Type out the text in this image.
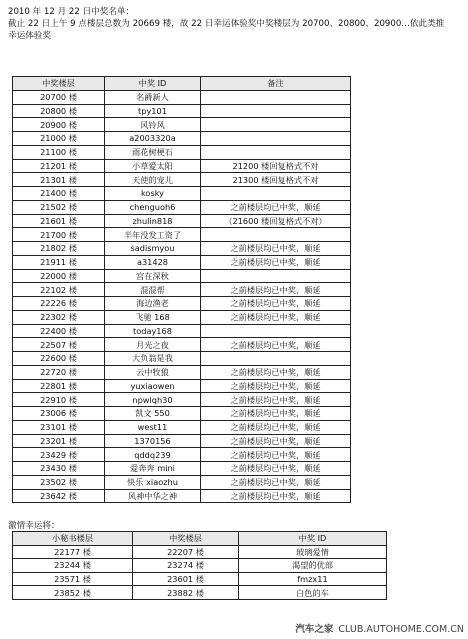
2010 年 12 月 22 日中奖名单：

截止 22 日上午 9 点楼层总数为 20669 楼，故 22 日幸运体验奖中奖楼层为 20700、20800、20900…依此类推

幸运体验奖

中奖楼层	中奖 ID	备注
20700 楼	名爵新人	
20800 楼	tpy101	
20900 楼	风铃风	
21000 楼	a2003320a	
21100 楼	雨花树梗石	
21201 楼	小草爱太阳	21200 楼回复格式不对
21301 楼	天使的宠儿	21300 楼回复格式不对
21400 楼	kosky	
21502 楼	chenguoh6	之前楼层均已中奖，顺延
21601 楼	zhulin818	（21600 楼回复格式不对）
21700 楼	半年没发工资了	
21802 楼	sadismyou	之前楼层均已中奖，顺延
21911 楼	a31428	之前楼层均已中奖，顺延
22000 楼	宫在深秋	
22102 楼	混混帮	之前楼层均已中奖，顺延
22226 楼	海边渔老	之前楼层均已中奖，顺延
22302 楼	飞驰 168	之前楼层均已中奖，顺延
22400 楼	today168	
22507 楼	月光之夜	之前楼层均已中奖，顺延
22600 楼	大负翁是我	
22720 楼	云中牧狼	之前楼层均已中奖，顺延
22801 楼	yuxiaowen	之前楼层均已中奖，顺延
22910 楼	npwlqh30	之前楼层均已中奖，顺延
23006 楼	凯文 550	之前楼层均已中奖，顺延
23101 楼	west11	之前楼层均已中奖，顺延
23201 楼	1370156	之前楼层均已中奖，顺延
23429 楼	qddq239	之前楼层均已中奖，顺延
23430 楼	爱奔奔 mini	之前楼层均已中奖，顺延
23502 楼	快乐 xiaozhu	之前楼层均已中奖，顺延
23642 楼	风神中华之神	之前楼层均已中奖，顺延
激情幸运将：
小秘书楼层	中奖楼层	中奖 ID
22177 楼	22207 楼	玻璃爱情
23244 楼	23274 楼	渴望的优部
23571 楼	23601 楼	fmzx11
23852 楼	23882 楼	白色的车
汽车之家 CLUB.AUTOHOME.COM.CN
